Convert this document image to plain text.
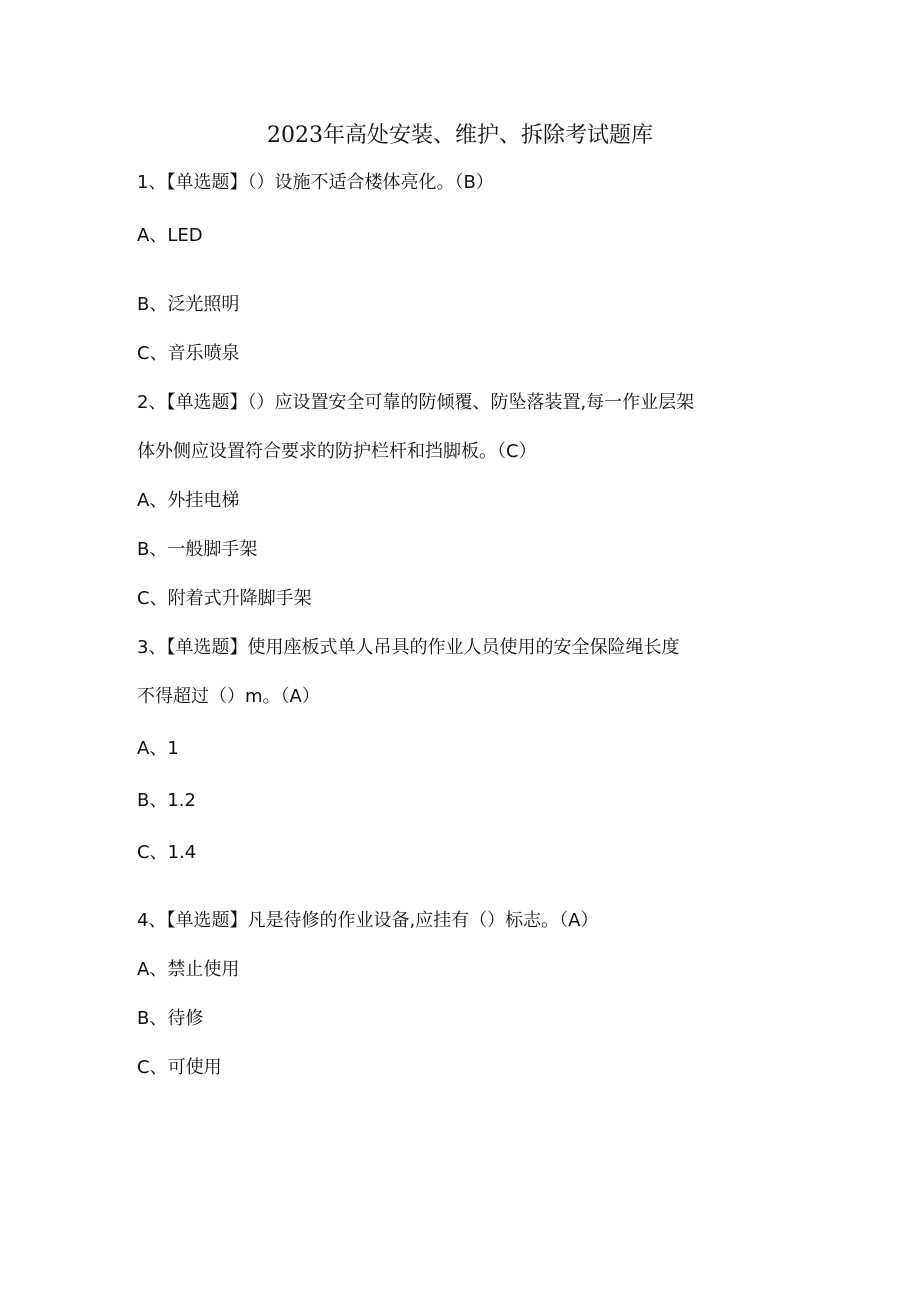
2023年高处安装、维护、拆除考试题库
1、【单选题】（）设施不适合楼体亮化。（B）
A、LED
B、泛光照明
C、音乐喷泉
2、【单选题】（）应设置安全可靠的防倾覆、防坠落装置,每一作业层架
体外侧应设置符合要求的防护栏杆和挡脚板。（C）
A、外挂电梯
B、一般脚手架
C、附着式升降脚手架
3、【单选题】使用座板式单人吊具的作业人员使用的安全保险绳长度
不得超过（）m。（A）
A、1
B、1.2
C、1.4
4、【单选题】凡是待修的作业设备,应挂有（）标志。（A）
A、禁止使用
B、待修
C、可使用
